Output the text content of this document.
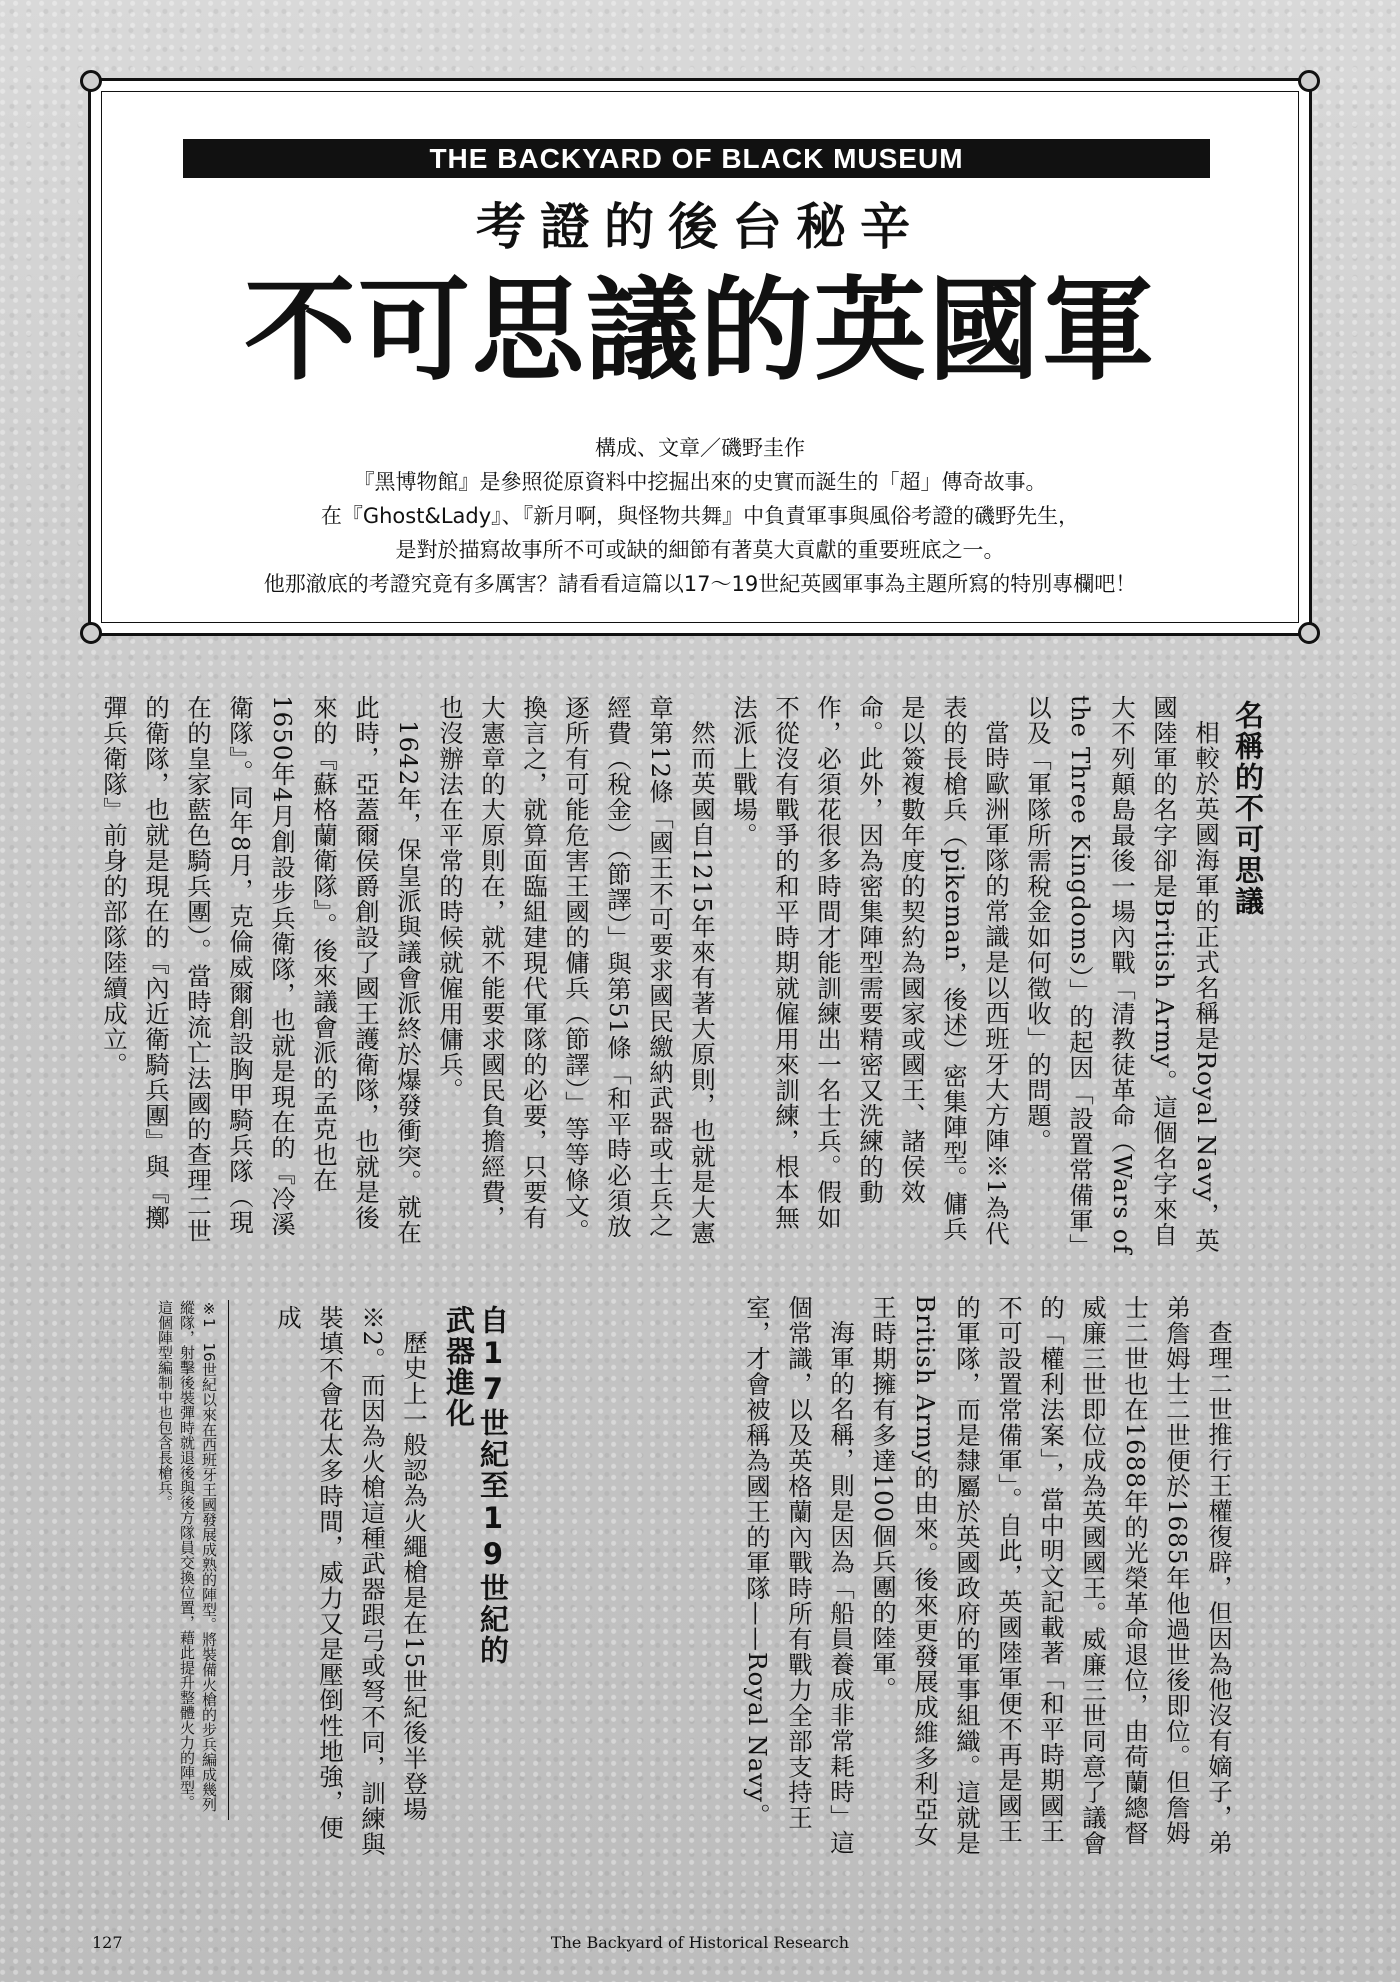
THE BACKYARD OF BLACK MUSEUM
考證的後台秘辛
不可思議的英國軍
構成、文章／磯野圭作
『黑博物館』是參照從原資料中挖掘出來的史實而誕生的「超」傳奇故事。
在『Ghost&Lady』、『新月啊，與怪物共舞』中負責軍事與風俗考證的磯野先生，
是對於描寫故事所不可或缺的細節有著莫大貢獻的重要班底之一。
他那澈底的考證究竟有多厲害？請看看這篇以17～19世紀英國軍事為主題所寫的特別專欄吧！
名稱的不可思議

相較於英國海軍的正式名稱是Royal Navy，英國陸軍的名字卻是British Army。這個名字來自大不列顛島最後一場內戰「清教徒革命（Wars of the Three Kingdoms）」的起因「設置常備軍」以及「軍隊所需稅金如何徵收」的問題。

當時歐洲軍隊的常識是以西班牙大方陣※1為代表的長槍兵（pikeman，後述）密集陣型。傭兵是以簽複數年度的契約為國家或國王、諸侯效命。此外，因為密集陣型需要精密又洗練的動作，必須花很多時間才能訓練出一名士兵。假如不從沒有戰爭的和平時期就僱用來訓練，根本無法派上戰場。

然而英國自1215年來有著大原則，也就是大憲章第12條「國王不可要求國民繳納武器或士兵之經費（稅金）（節譯）」與第51條「和平時必須放逐所有可能危害王國的傭兵（節譯）」等等條文。換言之，就算面臨組建現代軍隊的必要，只要有大憲章的大原則在，就不能要求國民負擔經費，也沒辦法在平常的時候就僱用傭兵。

1642年，保皇派與議會派終於爆發衝突。就在此時，亞蓋爾侯爵創設了國王護衛隊，也就是後來的『蘇格蘭衛隊』。後來議會派的孟克也在1650年4月創設步兵衛隊，也就是現在的『冷溪衛隊』。同年8月，克倫威爾創設胸甲騎兵隊（現在的皇家藍色騎兵團）。當時流亡法國的查理二世的衛隊，也就是現在的『內近衛騎兵團』與『擲彈兵衛隊』前身的部隊陸續成立。

查理二世推行王權復辟，但因為他沒有嫡子，弟弟詹姆士二世便於1685年他過世後即位。但詹姆士二世也在1688年的光榮革命退位，由荷蘭總督威廉三世即位成為英國國王。威廉三世同意了議會的「權利法案」，當中明文記載著「和平時期國王不可設置常備軍」。自此，英國陸軍便不再是國王的軍隊，而是隸屬於英國政府的軍事組織。這就是British Army的由來。後來更發展成維多利亞女王時期擁有多達100個兵團的陸軍。

海軍的名稱，則是因為「船員養成非常耗時」這個常識，以及英格蘭內戰時所有戰力全部支持王室，才會被稱為國王的軍隊——Royal Navy。

自17世紀至19世紀的武器進化

歷史上一般認為火繩槍是在15世紀後半登場※2。而因為火槍這種武器跟弓或弩不同，訓練與裝填不會花太多時間，威力又是壓倒性地強，便成

※1　16世紀以來在西班牙王國發展成熟的陣型。將裝備火槍的步兵編成幾列縱隊，射擊後裝彈時就退後與後方隊員交換位置，藉此提升整體火力的陣型。這個陣型編制中也包含長槍兵。
127	The Backyard of Historical Research
